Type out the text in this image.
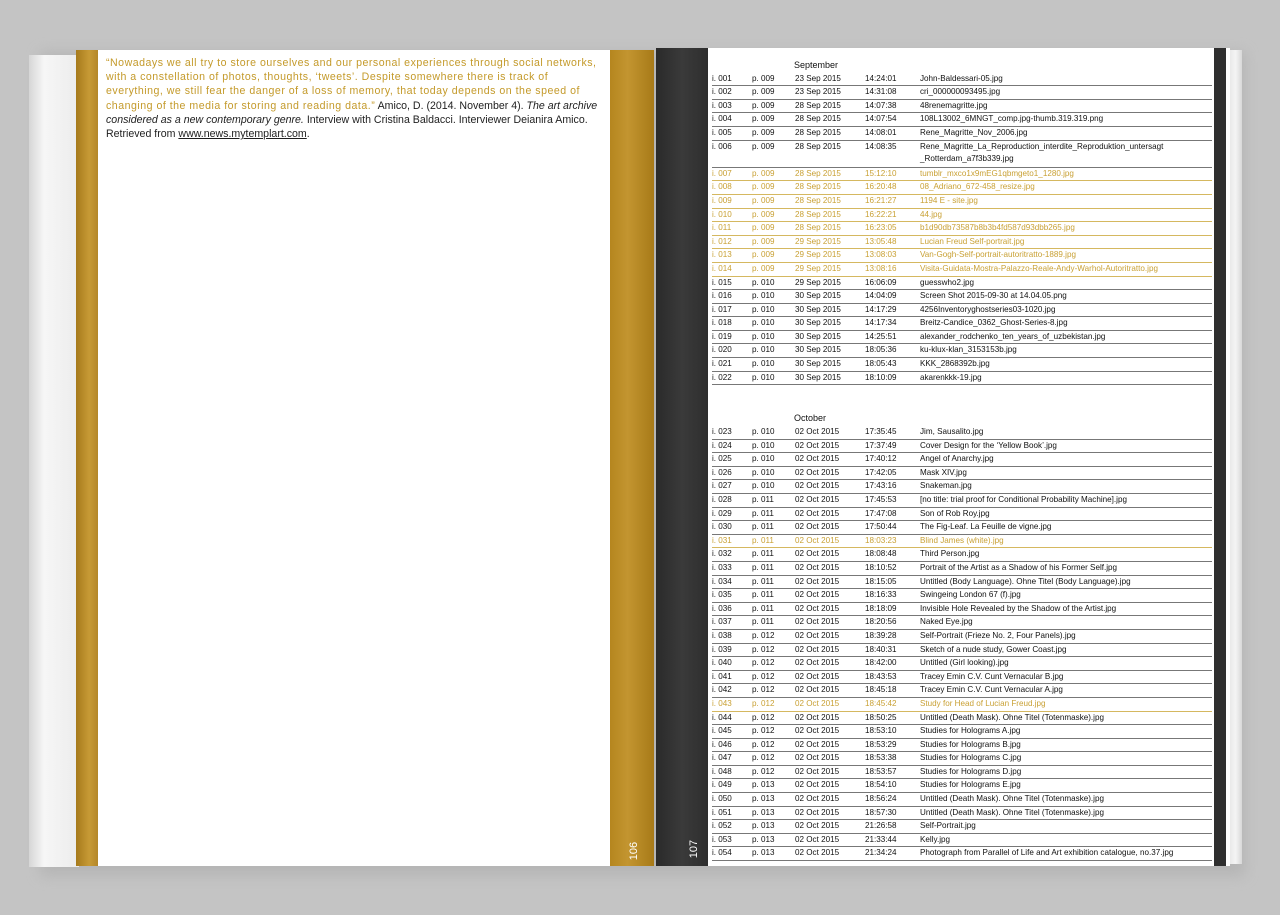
“Nowadays we all try to store ourselves and our personal experiences through social networks, with a constellation of photos, thoughts, ‘tweets’. Despite somewhere there is track of everything, we still fear the danger of a loss of memory, that today depends on the speed of changing of the media for storing and reading data.” Amico, D. (2014. November 4). The art archive considered as a new contemporary genre. Interview with Cristina Baldacci. Interviewer Deianira Amico. Retrieved from www.news.mytemplart.com.
106	107
September
i. 001 p. 009	23 Sep 2015	14:24:01	John-Baldessari-05.jpg
i. 002 p. 009	23 Sep 2015	14:31:08	cri_000000093495.jpg
i. 003 p. 009	28 Sep 2015	14:07:38	48renemagritte.jpg
i. 004 p. 009	28 Sep 2015	14:07:54	108L13002_6MNGT_comp.jpg-thumb.319.319.png
i. 005 p. 009	28 Sep 2015	14:08:01	Rene_Magritte_Nov_2006.jpg
i. 006 p. 009	28 Sep 2015	14:08:35	Rene_Magritte_La_Reproduction_interdite_Reproduktion_untersagt _Rotterdam_a7f3b339.jpg
i. 007 p. 009	28 Sep 2015	15:12:10	tumblr_mxco1x9mEG1qbmgeto1_1280.jpg
i. 008 p. 009	28 Sep 2015	16:20:48	08_Adriano_672-458_resize.jpg
i. 009 p. 009	28 Sep 2015	16:21:27	1194 E - site.jpg
i. 010 p. 009	28 Sep 2015	16:22:21	44.jpg
i. 011	p. 009	28 Sep 2015	16:23:05	b1d90db73587b8b3b4fd587d93dbb265.jpg
i. 012 p. 009	29 Sep 2015	13:05:48	Lucian Freud Self-portrait.jpg
i. 013 p. 009	29 Sep 2015	13:08:03	Van-Gogh-Self-portrait-autoritratto-1889.jpg
i. 014 p. 009	29 Sep 2015	13:08:16	Visita-Guidata-Mostra-Palazzo-Reale-Andy-Warhol-Autoritratto.jpg
i. 015 p. 010	29 Sep 2015	16:06:09	guesswho2.jpg
i. 016 p. 010	30 Sep 2015	14:04:09	Screen Shot 2015-09-30 at 14.04.05.png
i. 017 p. 010	30 Sep 2015	14:17:29	4256Inventoryghostseries03-1020.jpg
i. 018 p. 010	30 Sep 2015	14:17:34	Breitz-Candice_0362_Ghost-Series-8.jpg
i. 019 p. 010	30 Sep 2015	14:25:51	alexander_rodchenko_ten_years_of_uzbekistan.jpg
i. 020 p. 010	30 Sep 2015	18:05:36	ku-klux-klan_3153153b.jpg
i. 021 p. 010	30 Sep 2015	18:05:43	KKK_2868392b.jpg
i. 022 p. 010	30 Sep 2015	18:10:09	akarenkkk-19.jpg
October
i. 023 p. 010	02 Oct 2015	17:35:45	Jim, Sausalito.jpg
i. 024 p. 010	02 Oct 2015	17:37:49	Cover Design for the ‘Yellow Book’.jpg
i. 025 p. 010	02 Oct 2015	17:40:12	Angel of Anarchy.jpg
i. 026 p. 010	02 Oct 2015	17:42:05	Mask XIV.jpg
i. 027 p. 010	02 Oct 2015	17:43:16	Snakeman.jpg
i. 028 p. 011	02 Oct 2015	17:45:53	[no title: trial proof for Conditional Probability Machine].jpg
i. 029 p. 011	02 Oct 2015	17:47:08	Son of Rob Roy.jpg
i. 030 p. 011	02 Oct 2015	17:50:44	The Fig-Leaf. La Feuille de vigne.jpg
i. 031 p. 011	02 Oct 2015	18:03:23	Blind James (white).jpg
i. 032 p. 011	02 Oct 2015	18:08:48	Third Person.jpg
i. 033 p. 011	02 Oct 2015	18:10:52	Portrait of the Artist as a Shadow of his Former Self.jpg
i. 034 p. 011	02 Oct 2015	18:15:05	Untitled (Body Language). Ohne Titel (Body Language).jpg
i. 035 p. 011	02 Oct 2015	18:16:33	Swingeing London 67 (f).jpg
i. 036 p. 011	02 Oct 2015	18:18:09	Invisible Hole Revealed by the Shadow of the Artist.jpg
i. 037 p. 011	02 Oct 2015	18:20:56	Naked Eye.jpg
i. 038 p. 012	02 Oct 2015	18:39:28	Self-Portrait (Frieze No. 2, Four Panels).jpg
i. 039 p. 012	02 Oct 2015	18:40:31	Sketch of a nude study, Gower Coast.jpg
i. 040 p. 012	02 Oct 2015	18:42:00	Untitled (Girl looking).jpg
i. 041 p. 012	02 Oct 2015	18:43:53	Tracey Emin C.V. Cunt Vernacular B.jpg
i. 042 p. 012	02 Oct 2015	18:45:18	Tracey Emin C.V. Cunt Vernacular A.jpg
i. 043 p. 012	02 Oct 2015	18:45:42	Study for Head of Lucian Freud.jpg
i. 044 p. 012	02 Oct 2015	18:50:25	Untitled (Death Mask). Ohne Titel (Totenmaske).jpg
i. 045 p. 012	02 Oct 2015	18:53:10	Studies for Holograms A.jpg
i. 046 p. 012	02 Oct 2015	18:53:29	Studies for Holograms B.jpg
i. 047 p. 012	02 Oct 2015	18:53:38	Studies for Holograms C.jpg
i. 048 p. 012	02 Oct 2015	18:53:57	Studies for Holograms D.jpg
i. 049 p. 013	02 Oct 2015	18:54:10	Studies for Holograms E.jpg
i. 050 p. 013	02 Oct 2015	18:56:24	Untitled (Death Mask). Ohne Titel (Totenmaske).jpg
i. 051 p. 013	02 Oct 2015	18:57:30	Untitled (Death Mask). Ohne Titel (Totenmaske).jpg
i. 052 p. 013	02 Oct 2015	21:26:58	Self-Portrait.jpg
i. 053 p. 013	02 Oct 2015	21:33:44	Kelly.jpg
i. 054 p. 013	02 Oct 2015	21:34:24	Photograph from Parallel of Life and Art exhibition catalogue, no.37.jpg
